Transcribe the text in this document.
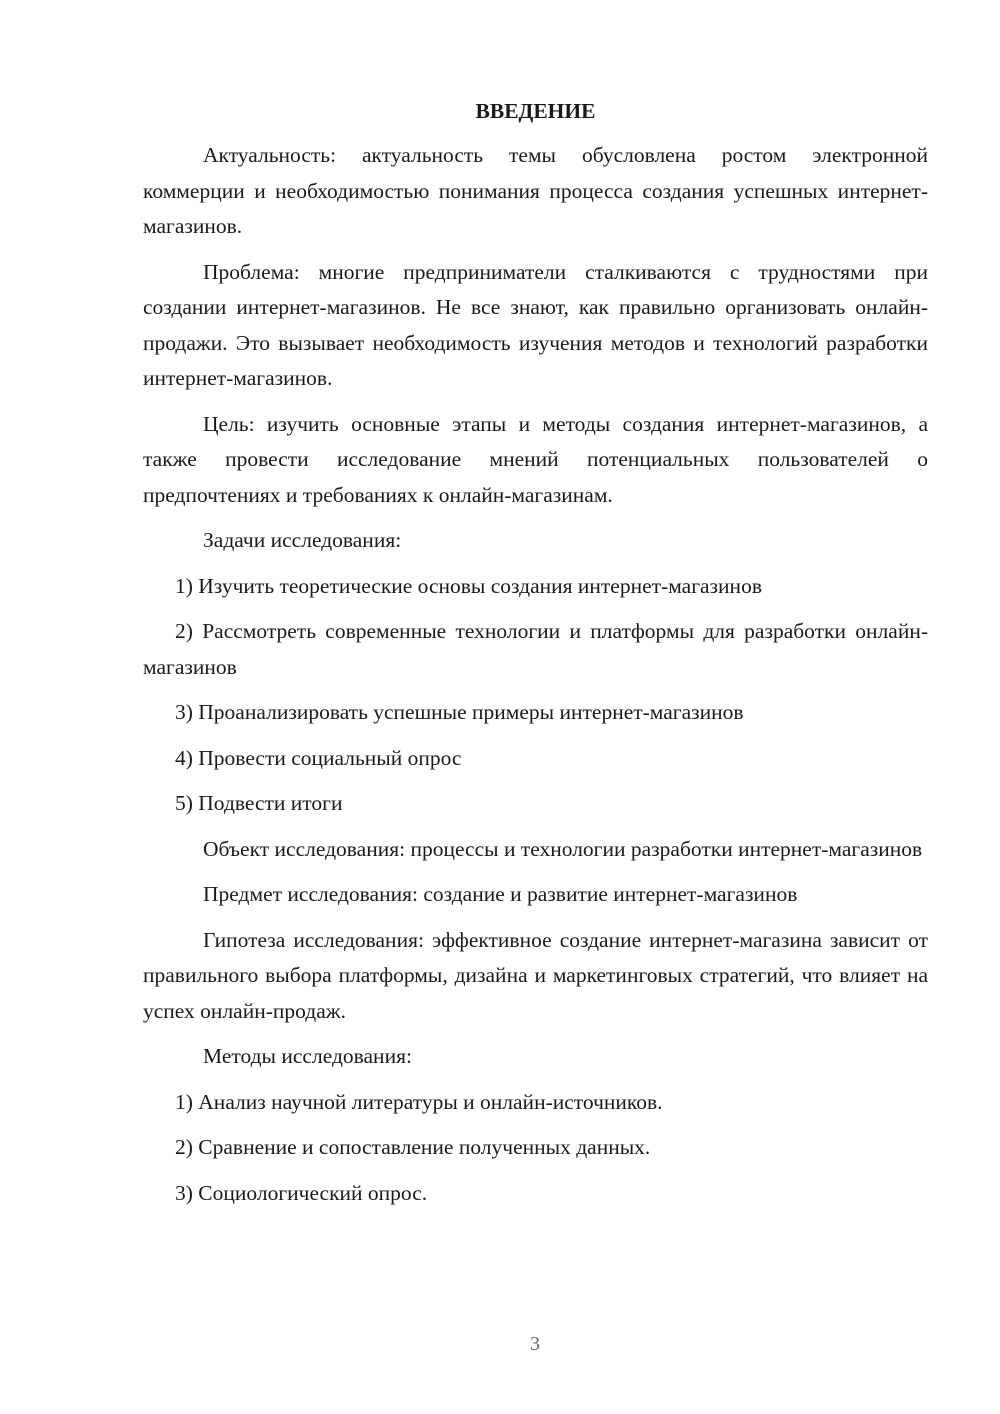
ВВЕДЕНИЕ

Актуальность: актуальность темы обусловлена ростом электронной коммерции и необходимостью понимания процесса создания успешных интернет-магазинов.

Проблема: многие предприниматели сталкиваются с трудностями при создании интернет-магазинов. Не все знают, как правильно организовать онлайн-продажи. Это вызывает необходимость изучения методов и технологий разработки интернет-магазинов.

Цель: изучить основные этапы и методы создания интернет-магазинов, а также провести исследование мнений потенциальных пользователей о предпочтениях и требованиях к онлайн-магазинам.

Задачи исследования:

1) Изучить теоретические основы создания интернет-магазинов

2) Рассмотреть современные технологии и платформы для разработки онлайн-магазинов

3) Проанализировать успешные примеры интернет-магазинов

4) Провести социальный опрос

5) Подвести итоги

Объект исследования: процессы и технологии разработки интернет-магазинов

Предмет исследования: создание и развитие интернет-магазинов

Гипотеза исследования: эффективное создание интернет-магазина зависит от правильного выбора платформы, дизайна и маркетинговых стратегий, что влияет на успех онлайн-продаж.

Методы исследования:

1) Анализ научной литературы и онлайн-источников.

2) Сравнение и сопоставление полученных данных.

3) Социологический опрос.

3
